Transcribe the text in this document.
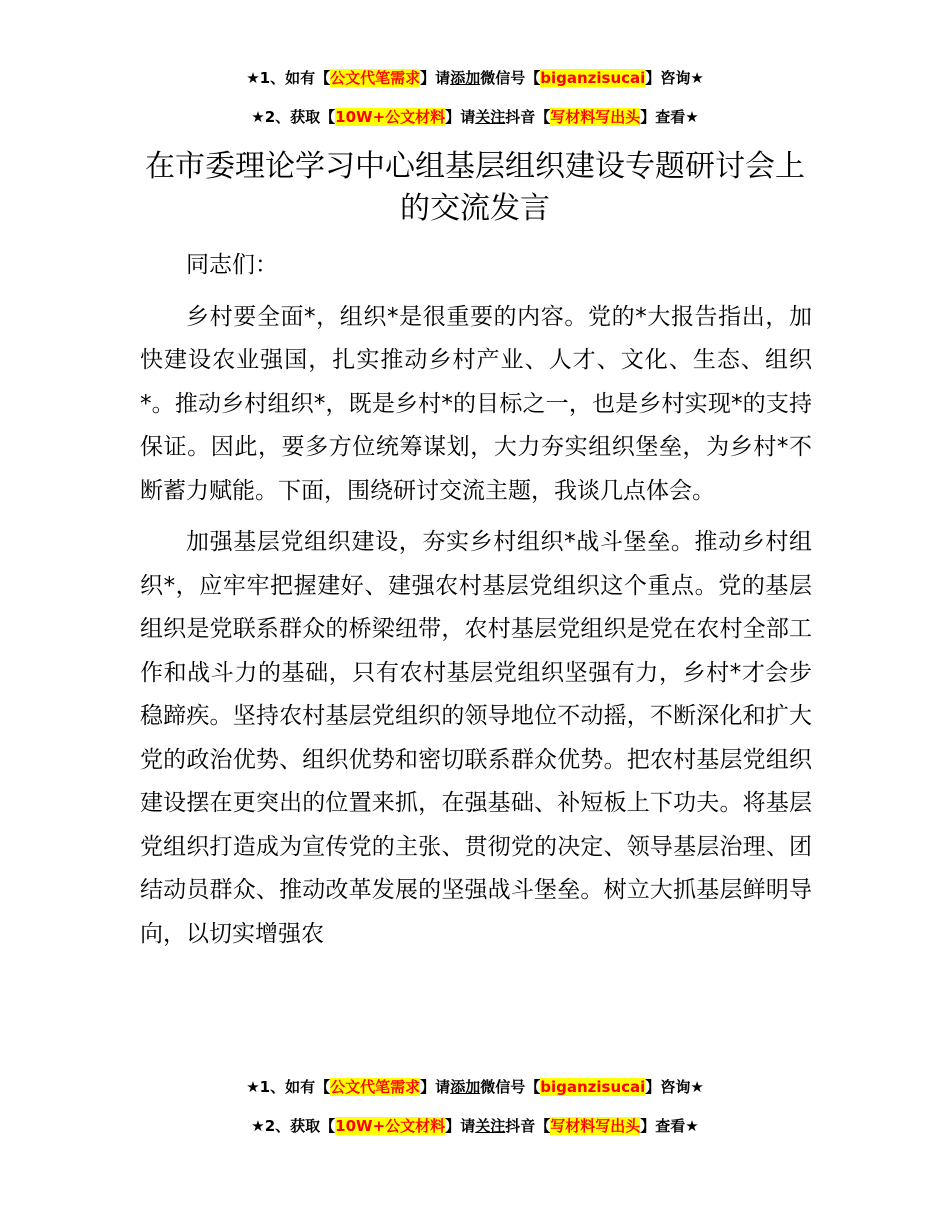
★1、如有【公文代笔需求】请添加微信号【biganzisucai】咨询★
★2、获取【10W+公文材料】请关注抖音【写材料写出头】查看★
在市委理论学习中心组基层组织建设专题研讨会上的交流发言

同志们：

乡村要全面*，组织*是很重要的内容。党的*大报告指出，加快建设农业强国，扎实推动乡村产业、人才、文化、生态、组织*。推动乡村组织*，既是乡村*的目标之一，也是乡村实现*的支持保证。因此，要多方位统筹谋划，大力夯实组织堡垒，为乡村*不断蓄力赋能。下面，围绕研讨交流主题，我谈几点体会。

加强基层党组织建设，夯实乡村组织*战斗堡垒。推动乡村组织*，应牢牢把握建好、建强农村基层党组织这个重点。党的基层组织是党联系群众的桥梁纽带，农村基层党组织是党在农村全部工作和战斗力的基础，只有农村基层党组织坚强有力，乡村*才会步稳蹄疾。坚持农村基层党组织的领导地位不动摇，不断深化和扩大党的政治优势、组织优势和密切联系群众优势。把农村基层党组织建设摆在更突出的位置来抓，在强基础、补短板上下功夫。将基层党组织打造成为宣传党的主张、贯彻党的决定、领导基层治理、团结动员群众、推动改革发展的坚强战斗堡垒。树立大抓基层鲜明导向，以切实增强农

★1、如有【公文代笔需求】请添加微信号【biganzisucai】咨询★
★2、获取【10W+公文材料】请关注抖音【写材料写出头】查看★
